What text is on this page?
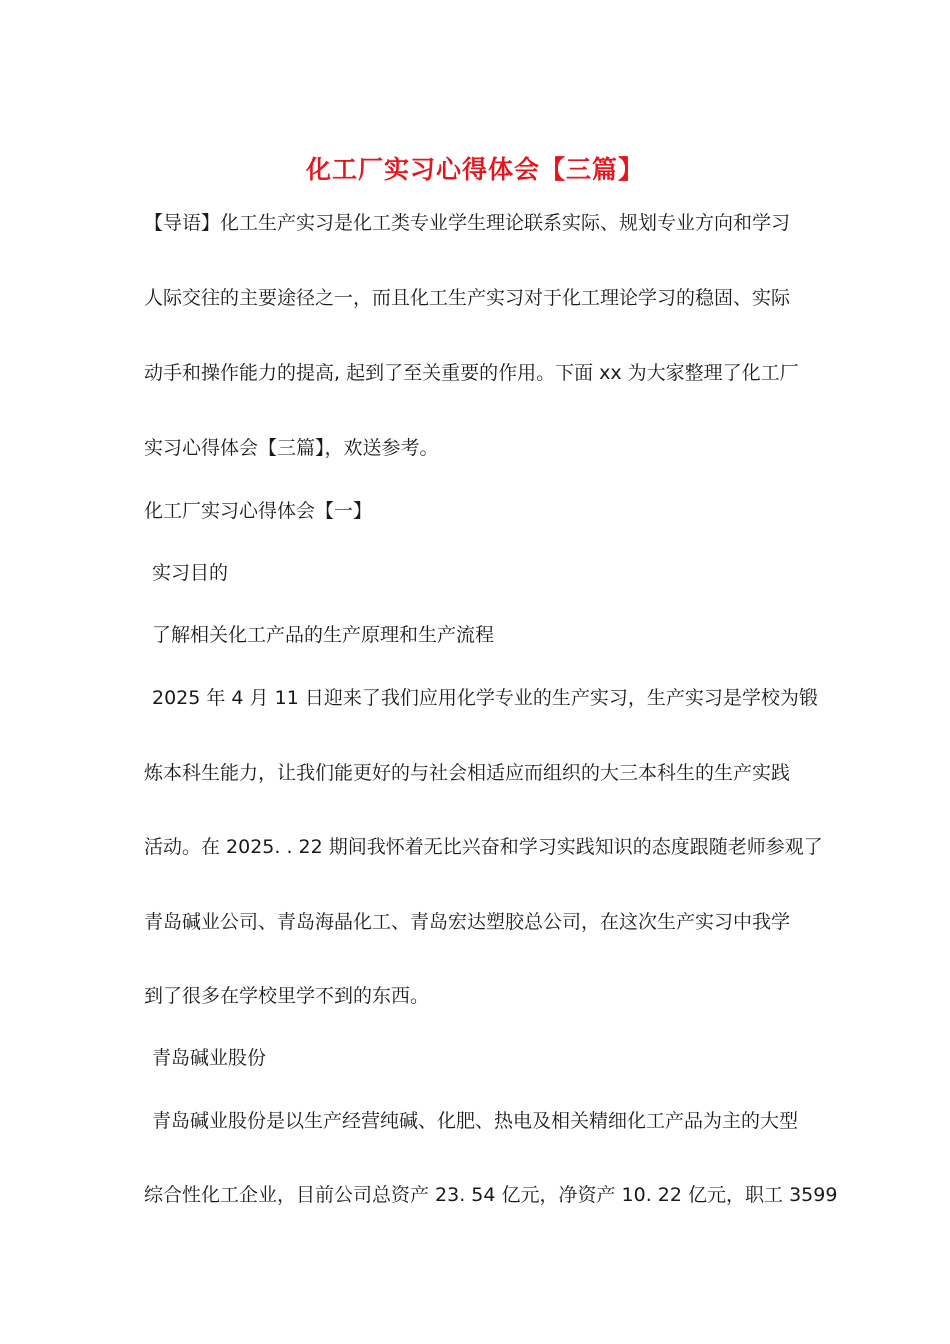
化工厂实习心得体会【三篇】
【导语】化工生产实习是化工类专业学生理论联系实际、规划专业方向和学习
人际交往的主要途径之一，而且化工生产实习对于化工理论学习的稳固、实际
动手和操作能力的提高, 起到了至关重要的作用。下面 xx 为大家整理了化工厂
实习心得体会【三篇】，欢送参考。
化工厂实习心得体会【一】
实习目的
了解相关化工产品的生产原理和生产流程
2025 年 4 月 11 日迎来了我们应用化学专业的生产实习，生产实习是学校为锻
炼本科生能力，让我们能更好的与社会相适应而组织的大三本科生的生产实践
活动。在 2025. . 22 期间我怀着无比兴奋和学习实践知识的态度跟随老师参观了
青岛碱业公司、青岛海晶化工、青岛宏达塑胶总公司，在这次生产实习中我学
到了很多在学校里学不到的东西。
青岛碱业股份
青岛碱业股份是以生产经营纯碱、化肥、热电及相关精细化工产品为主的大型
综合性化工企业，目前公司总资产 23. 54 亿元，净资产 10. 22 亿元，职工 3599
